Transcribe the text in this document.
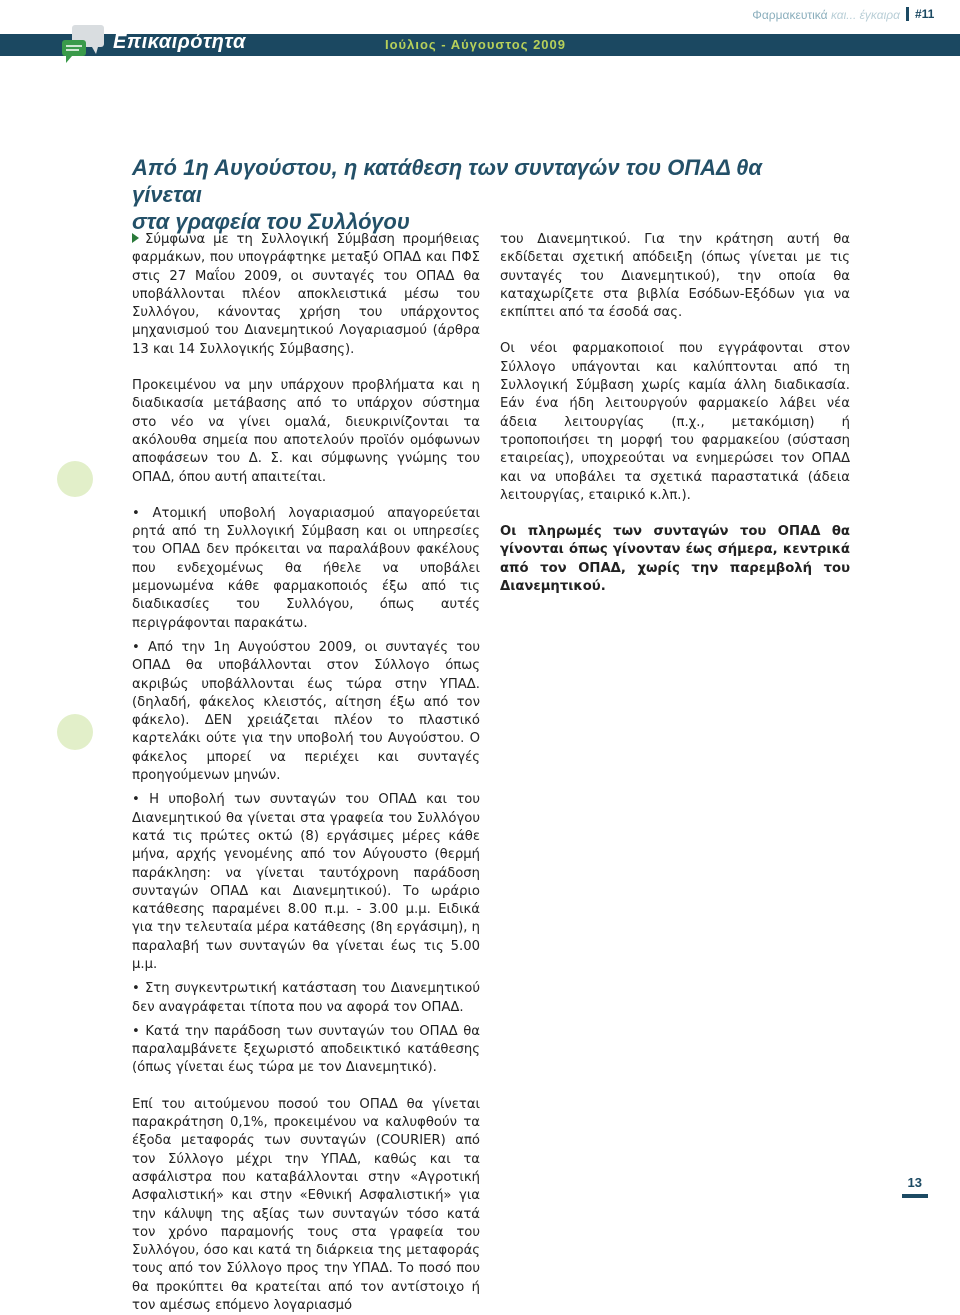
Φαρμακευτικά και... έγκαιρα	#11
Επικαιρότητα	Ιούλιος - Αύγουστος 2009
Από 1η Αυγούστου, η κατάθεση των συνταγών του ΟΠΑΔ θα γίνεται
στα γραφεία του Συλλόγου

Σύμφωνα με τη Συλλογική Σύμβαση προμήθειας φαρμάκων, που υπογράφτηκε μεταξύ ΟΠΑΔ και ΠΦΣ στις 27 Μαΐου 2009, οι συνταγές του ΟΠΑΔ θα υποβάλλονται πλέον αποκλειστικά μέσω του Συλλόγου, κάνοντας χρήση του υπάρχοντος μηχανισμού του Διανεμητικού Λογαριασμού (άρθρα 13 και 14 Συλλογικής Σύμβασης).

Προκειμένου να μην υπάρχουν προβλήματα και η διαδικασία μετάβασης από το υπάρχον σύστημα στο νέο να γίνει ομαλά, διευκρινίζονται τα ακόλουθα σημεία που αποτελούν προϊόν ομόφωνων αποφάσεων του Δ. Σ. και σύμφωνης γνώμης του ΟΠΑΔ, όπου αυτή απαιτείται.

• Ατομική υποβολή λογαριασμού απαγορεύεται ρητά από τη Συλλογική Σύμβαση και οι υπηρεσίες του ΟΠΑΔ δεν πρόκειται να παραλάβουν φακέλους που ενδεχομένως θα ήθελε να υποβάλει μεμονωμένα κάθε φαρμακοποιός έξω από τις διαδικασίες του Συλλόγου, όπως αυτές περιγράφονται παρακάτω.

• Από την 1η Αυγούστου 2009, οι συνταγές του ΟΠΑΔ θα υποβάλλονται στον Σύλλογο όπως ακριβώς υποβάλλονται έως τώρα στην ΥΠΑΔ. (δηλαδή, φάκελος κλειστός, αίτηση έξω από τον φάκελο). ΔΕΝ χρειάζεται πλέον το πλαστικό καρτελάκι ούτε για την υποβολή του Αυγούστου. Ο φάκελος μπορεί να περιέχει και συνταγές προηγούμενων μηνών.

• Η υποβολή των συνταγών του ΟΠΑΔ και του Διανεμητικού θα γίνεται στα γραφεία του Συλλόγου κατά τις πρώτες οκτώ (8) εργάσιμες μέρες κάθε μήνα, αρχής γενομένης από τον Αύγουστο (θερμή παράκληση: να γίνεται ταυτόχρονη παράδοση συνταγών ΟΠΑΔ και Διανεμητικού). Το ωράριο κατάθεσης παραμένει 8.00 π.μ. - 3.00 μ.μ. Ειδικά για την τελευταία μέρα κατάθεσης (8η εργάσιμη), η παραλαβή των συνταγών θα γίνεται έως τις 5.00 μ.μ.

• Στη συγκεντρωτική κατάσταση του Διανεμητικού δεν αναγράφεται τίποτα που να αφορά τον ΟΠΑΔ.

• Κατά την παράδοση των συνταγών του ΟΠΑΔ θα παραλαμβάνετε ξεχωριστό αποδεικτικό κατάθεσης (όπως γίνεται έως τώρα με τον Διανεμητικό).

Επί του αιτούμενου ποσού του ΟΠΑΔ θα γίνεται παρακράτηση 0,1%, προκειμένου να καλυφθούν τα έξοδα μεταφοράς των συνταγών (COURIER) από τον Σύλλογο μέχρι την ΥΠΑΔ, καθώς και τα ασφάλιστρα που καταβάλλονται στην «Αγροτική Ασφαλιστική» και στην «Εθνική Ασφαλιστική» για την κάλυψη της αξίας των συνταγών τόσο κατά τον χρόνο παραμονής τους στα γραφεία του Συλλόγου, όσο και κατά τη διάρκεια της μεταφοράς τους από τον Σύλλογο προς την ΥΠΑΔ. Το ποσό που θα προκύπτει θα κρατείται από τον αντίστοιχο ή τον αμέσως επόμενο λογαριασμό

του Διανεμητικού. Για την κράτηση αυτή θα εκδίδεται σχετική απόδειξη (όπως γίνεται με τις συνταγές του Διανεμητικού), την οποία θα καταχωρίζετε στα βιβλία Εσόδων-Εξόδων για να εκπίπτει από τα έσοδά σας.

Οι νέοι φαρμακοποιοί που εγγράφονται στον Σύλλογο υπάγονται και καλύπτονται από τη Συλλογική Σύμβαση χωρίς καμία άλλη διαδικασία. Εάν ένα ήδη λειτουργούν φαρμακείο λάβει νέα άδεια λειτουργίας (π.χ., μετακόμιση) ή τροποποιήσει τη μορφή του φαρμακείου (σύσταση εταιρείας), υποχρεούται να ενημερώσει τον ΟΠΑΔ και να υποβάλει τα σχετικά παραστατικά (άδεια λειτουργίας, εταιρικό κ.λπ.).

Οι πληρωμές των συνταγών του ΟΠΑΔ θα γίνονται όπως γίνονταν έως σήμερα, κεντρικά από τον ΟΠΑΔ, χωρίς την παρεμβολή του Διανεμητικού.

13
